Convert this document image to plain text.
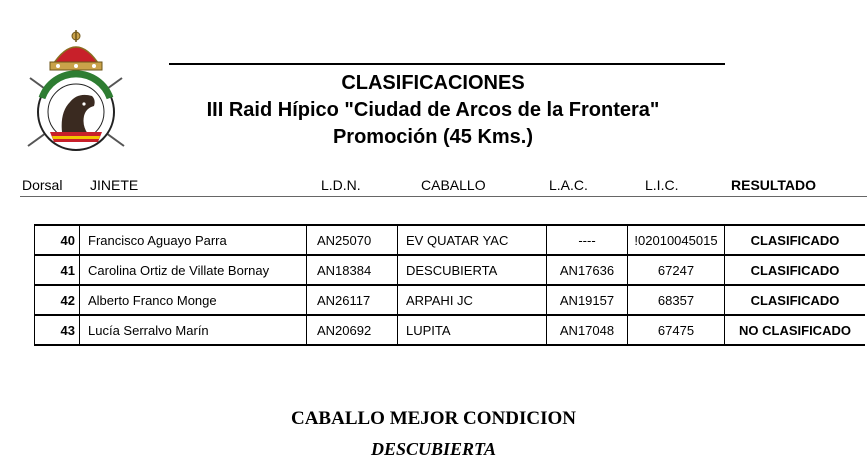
CLASIFICACIONES
III Raid Hípico "Ciudad de Arcos de la Frontera"
Promoción (45 Kms.)
Dorsal JINETE	L.D.N.	CABALLO	L.A.C.	L.I.C.	RESULTADO
40	Francisco Aguayo Parra	AN25070	EV QUATAR YAC	----	!02010045015	CLASIFICADO
41	Carolina Ortiz de Villate Bornay	AN18384	DESCUBIERTA	AN17636	67247	CLASIFICADO
42	Alberto Franco Monge	AN26117	ARPAHI JC	AN19157	68357	CLASIFICADO
43	Lucía Serralvo Marín	AN20692	LUPITA	AN17048	67475	NO CLASIFICADO
CABALLO MEJOR CONDICION
DESCUBIERTA
